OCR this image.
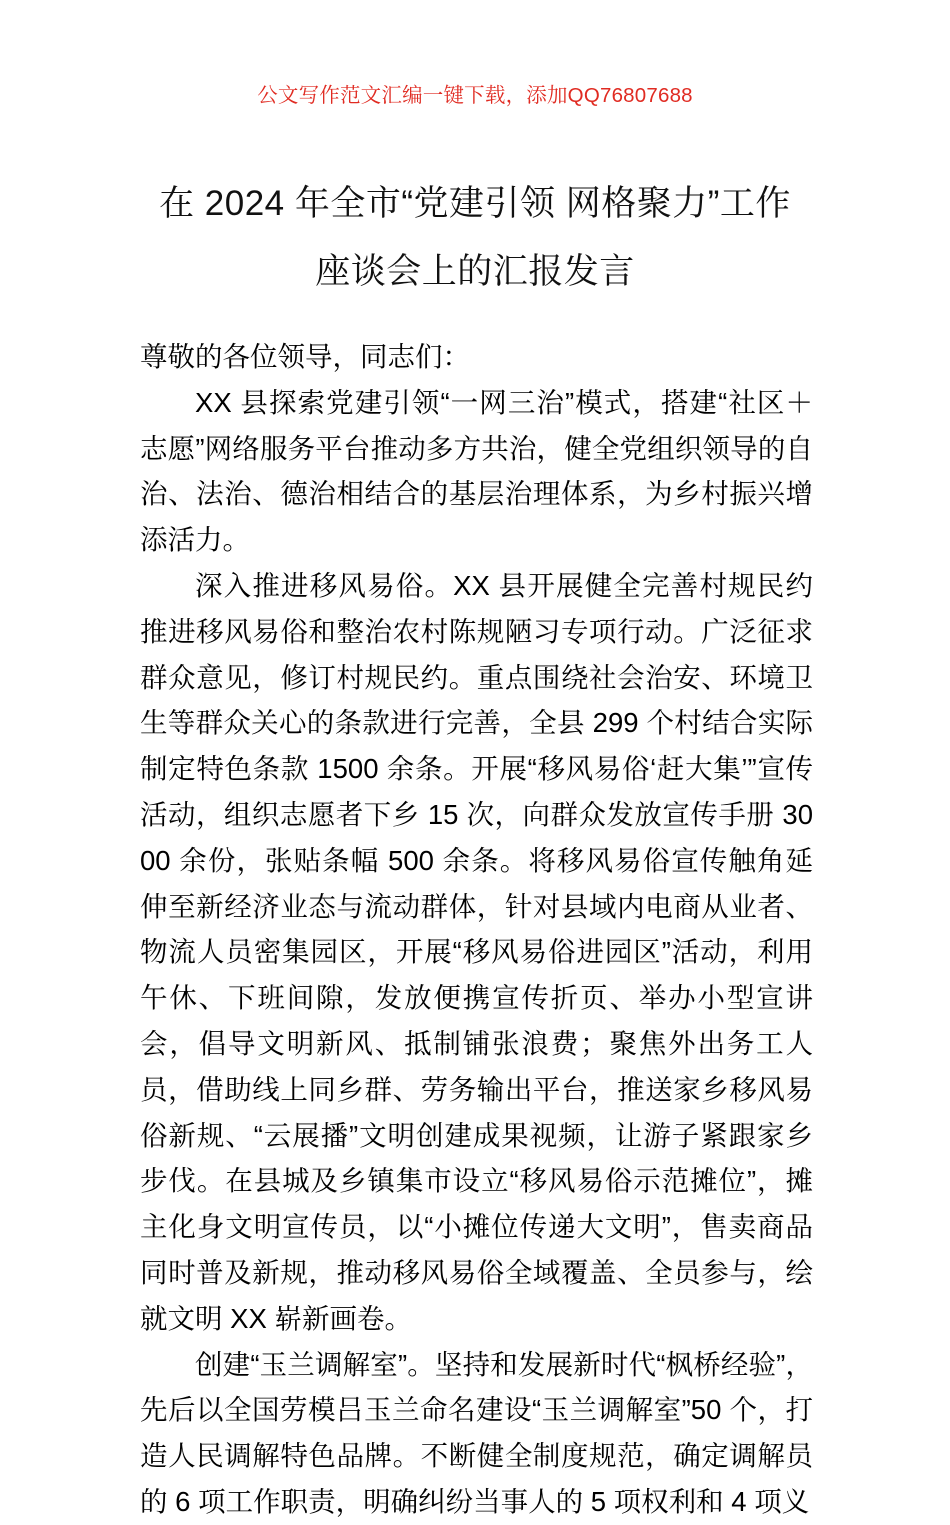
公文写作范文汇编一键下载，添加QQ76807688
在 2024 年全市“党建引领 网格聚力”工作
座谈会上的汇报发言

尊敬的各位领导，同志们：

XX 县探索党建引领“一网三治”模式，搭建“社区＋志愿”网络服务平台推动多方共治，健全党组织领导的自治、法治、德治相结合的基层治理体系，为乡村振兴增添活力。

深入推进移风易俗。XX 县开展健全完善村规民约推进移风易俗和整治农村陈规陋习专项行动。广泛征求群众意见，修订村规民约。重点围绕社会治安、环境卫生等群众关心的条款进行完善，全县 299 个村结合实际制定特色条款 1500 余条。开展“移风易俗‘赶大集’”宣传活动，组织志愿者下乡 15 次，向群众发放宣传手册 3000 余份，张贴条幅 500 余条。将移风易俗宣传触角延伸至新经济业态与流动群体，针对县域内电商从业者、物流人员密集园区，开展“移风易俗进园区”活动，利用午休、下班间隙，发放便携宣传折页、举办小型宣讲会，倡导文明新风、抵制铺张浪费；聚焦外出务工人员，借助线上同乡群、劳务输出平台，推送家乡移风易俗新规、“云展播”文明创建成果视频，让游子紧跟家乡步伐。在县城及乡镇集市设立“移风易俗示范摊位”，摊主化身文明宣传员，以“小摊位传递大文明”，售卖商品同时普及新规，推动移风易俗全域覆盖、全员参与，绘就文明 XX 崭新画卷。

创建“玉兰调解室”。坚持和发展新时代“枫桥经验”，先后以全国劳模吕玉兰命名建设“玉兰调解室”50 个，打造人民调解特色品牌。不断健全制度规范，确定调解员的 6 项工作职责，明确纠纷当事人的 5 项权利和 4 项义
